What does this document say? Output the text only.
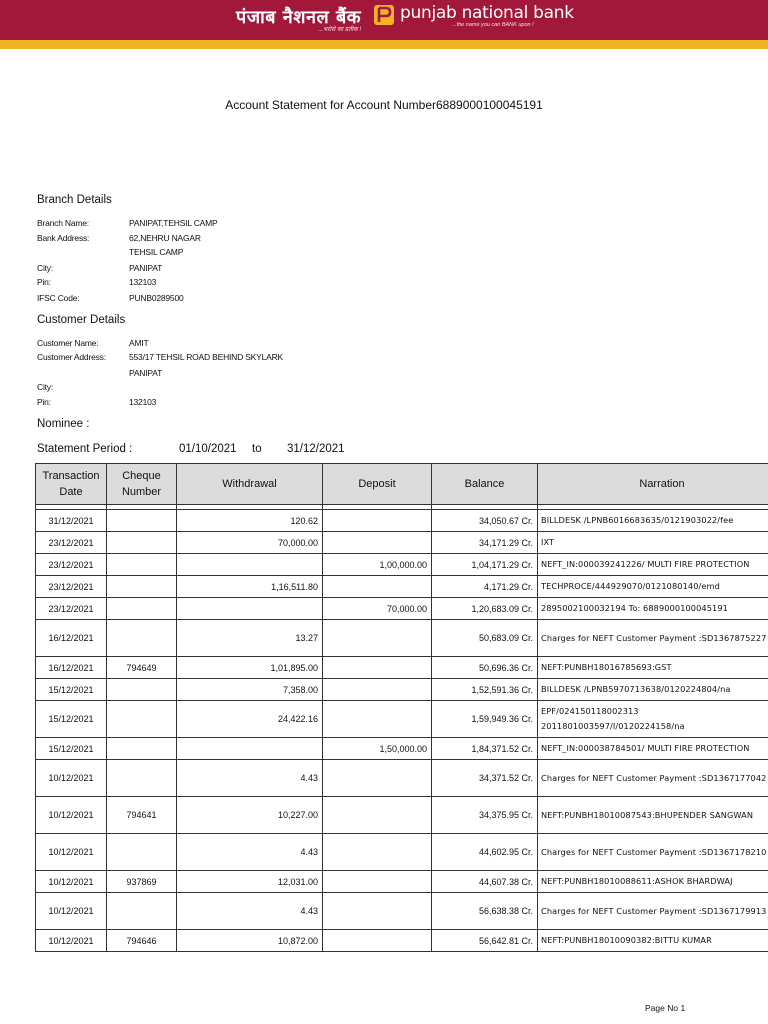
पंजाब नैशनल बैंक
...भरोसे का प्रतीक !
punjab national bank
...the name you can BANK upon !
Account Statement for Account Number6889000100045191
Branch Details
Branch Name:	PANIPAT,TEHSIL CAMP
Bank Address:	62,NEHRU NAGAR
TEHSIL CAMP
City:	PANIPAT
Pin:	132103
IFSC Code:	PUNB0289500
Customer Details
Customer Name:	AMIT
Customer Address:	553/17 TEHSIL ROAD BEHIND SKYLARK
PANIPAT
City:
Pin:	132103
Nominee :
Statement Period :	01/10/2021 to 31/12/2021
Transaction Date	Cheque Number	Withdrawal	Deposit	Balance	Narration

31/12/2021		120.62		34,050.67 Cr.	BILLDESK /LPNB6016683635/0121903022/fee
23/12/2021		70,000.00		34,171.29 Cr.	IXT
23/12/2021			1,00,000.00	1,04,171.29 Cr.	NEFT_IN:000039241226/ MULTI FIRE PROTECTION
23/12/2021		1,16,511.80		4,171.29 Cr.	TECHPROCE/444929070/0121080140/emd
23/12/2021			70,000.00	1,20,683.09 Cr.	2895002100032194 To: 6889000100045191
16/12/2021		13.27		50,683.09 Cr.	Charges for NEFT Customer Payment :SD1367875227
16/12/2021	794649	1,01,895.00		50,696.36 Cr.	NEFT:PUNBH18016785693:GST
15/12/2021		7,358.00		1,52,591.36 Cr.	BILLDESK /LPNB5970713638/0120224804/na
15/12/2021		24,422.16		1,59,949.36 Cr.	EPF/024150118002313 2011801003597/I/0120224158/na
15/12/2021			1,50,000.00	1,84,371.52 Cr.	NEFT_IN:000038784501/ MULTI FIRE PROTECTION
10/12/2021		4.43		34,371.52 Cr.	Charges for NEFT Customer Payment :SD1367177042
10/12/2021	794641	10,227.00		34,375.95 Cr.	NEFT:PUNBH18010087543:BHUPENDER SANGWAN
10/12/2021		4.43		44,602.95 Cr.	Charges for NEFT Customer Payment :SD1367178210
10/12/2021	937869	12,031.00		44,607.38 Cr.	NEFT:PUNBH18010088611:ASHOK BHARDWAJ
10/12/2021		4.43		56,638.38 Cr.	Charges for NEFT Customer Payment :SD1367179913
10/12/2021	794646	10,872.00		56,642.81 Cr.	NEFT:PUNBH18010090382:BITTU KUMAR
Page No 1
